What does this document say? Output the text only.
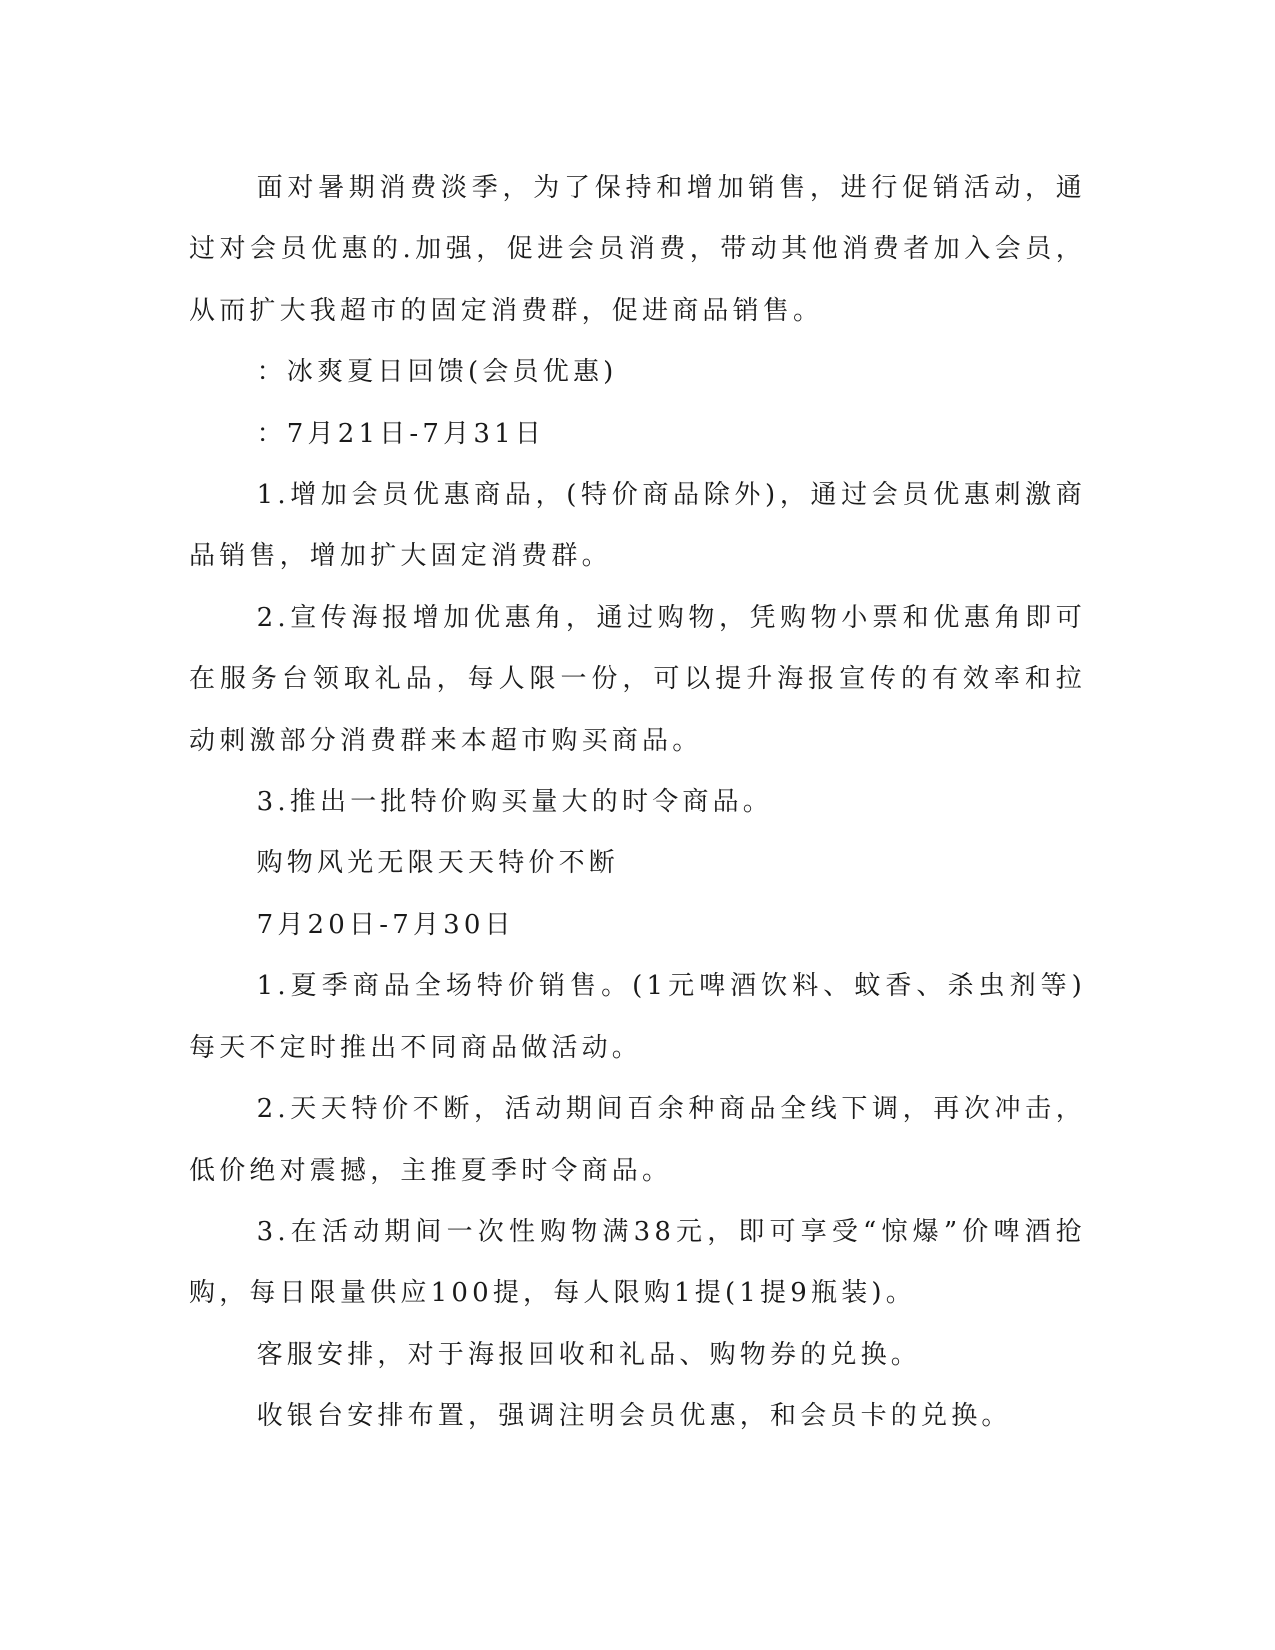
面对暑期消费淡季，为了保持和增加销售，进行促销活动，通过对会员优惠的.加强，促进会员消费，带动其他消费者加入会员，从而扩大我超市的固定消费群，促进商品销售。

：冰爽夏日回馈(会员优惠)

：7月21日-7月31日

1.增加会员优惠商品，(特价商品除外)，通过会员优惠刺激商品销售，增加扩大固定消费群。

2.宣传海报增加优惠角，通过购物，凭购物小票和优惠角即可在服务台领取礼品，每人限一份，可以提升海报宣传的有效率和拉动刺激部分消费群来本超市购买商品。

3.推出一批特价购买量大的时令商品。

购物风光无限天天特价不断

7月20日-7月30日

1.夏季商品全场特价销售。(1元啤酒饮料、蚊香、杀虫剂等)每天不定时推出不同商品做活动。

2.天天特价不断，活动期间百余种商品全线下调，再次冲击，低价绝对震撼，主推夏季时令商品。

3.在活动期间一次性购物满38元，即可享受“惊爆”价啤酒抢购，每日限量供应100提，每人限购1提(1提9瓶装)。

客服安排，对于海报回收和礼品、购物券的兑换。

收银台安排布置，强调注明会员优惠，和会员卡的兑换。
